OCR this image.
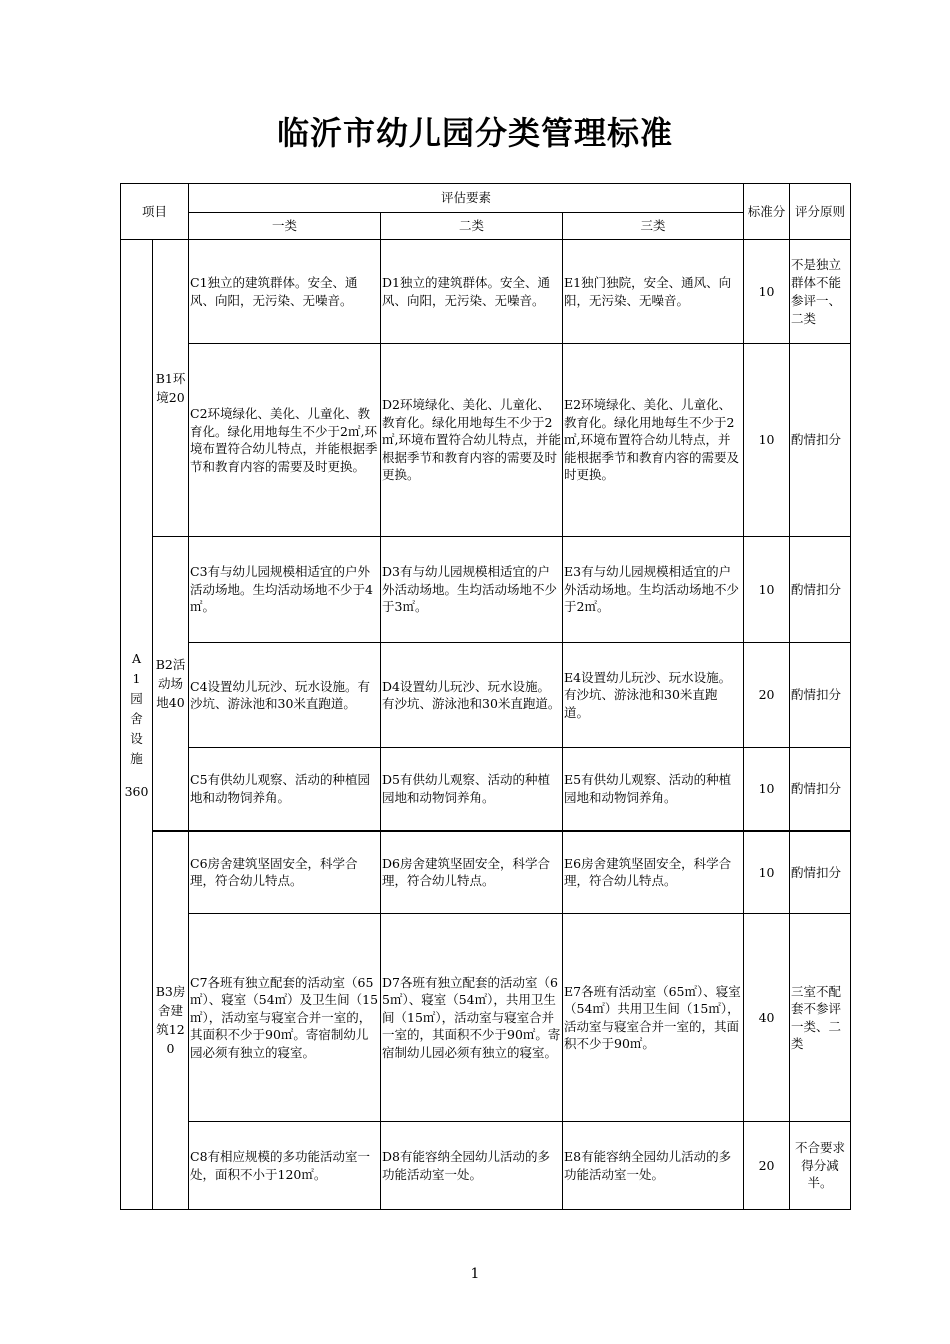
临沂市幼儿园分类管理标准
项目		评估要素			标准分	评分原则
		一类	二类	三类		

A1园舍设施
360	B1环境20	C1独立的建筑群体。安全、通风、向阳，无污染、无噪音。	D1独立的建筑群体。安全、通风、向阳，无污染、无噪音。	E1独门独院，安全、通风、向阳，无污染、无噪音。	10	不是独立群体不能参评一、二类
		C2环境绿化、美化、儿童化、教育化。绿化用地每生不少于2㎡,环境布置符合幼儿特点，并能根据季节和教育内容的需要及时更换。	D2环境绿化、美化、儿童化、教育化。绿化用地每生不少于2㎡,环境布置符合幼儿特点，并能根据季节和教育内容的需要及时更换。	E2环境绿化、美化、儿童化、教育化。绿化用地每生不少于2㎡,环境布置符合幼儿特点，并能根据季节和教育内容的需要及时更换。	10	酌情扣分
	B2活动场地40	C3有与幼儿园规模相适宜的户外活动场地。生均活动场地不少于4㎡。	D3有与幼儿园规模相适宜的户外活动场地。生均活动场地不少于3㎡。	E3有与幼儿园规模相适宜的户外活动场地。生均活动场地不少于2㎡。	10	酌情扣分
		C4设置幼儿玩沙、玩水设施。有沙坑、游泳池和30米直跑道。	D4设置幼儿玩沙、玩水设施。有沙坑、游泳池和30米直跑道。	E4设置幼儿玩沙、玩水设施。有沙坑、游泳池和30米直跑道。	20	酌情扣分
		C5有供幼儿观察、活动的种植园地和动物饲养角。	D5有供幼儿观察、活动的种植园地和动物饲养角。	E5有供幼儿观察、活动的种植园地和动物饲养角。	10	酌情扣分
	B3房舍建筑120	C6房舍建筑坚固安全，科学合理，符合幼儿特点。	D6房舍建筑坚固安全，科学合理，符合幼儿特点。	E6房舍建筑坚固安全，科学合理，符合幼儿特点。	10	酌情扣分
		C7各班有独立配套的活动室（65㎡）、寝室（54㎡）及卫生间（15㎡），活动室与寝室合并一室的，其面积不少于90㎡。寄宿制幼儿园必须有独立的寝室。	D7各班有独立配套的活动室（65㎡）、寝室（54㎡），共用卫生间（15㎡），活动室与寝室合并一室的，其面积不少于90㎡。寄宿制幼儿园必须有独立的寝室。	E7各班有活动室（65㎡）、寝室（54㎡）共用卫生间（15㎡），活动室与寝室合并一室的，其面积不少于90㎡。	40	三室不配套不参评一类、二类
		C8有相应规模的多功能活动室一处，面积不小于120㎡。	D8有能容纳全园幼儿活动的多功能活动室一处。	E8有能容纳全园幼儿活动的多功能活动室一处。	20	不合要求得分减半。
1
